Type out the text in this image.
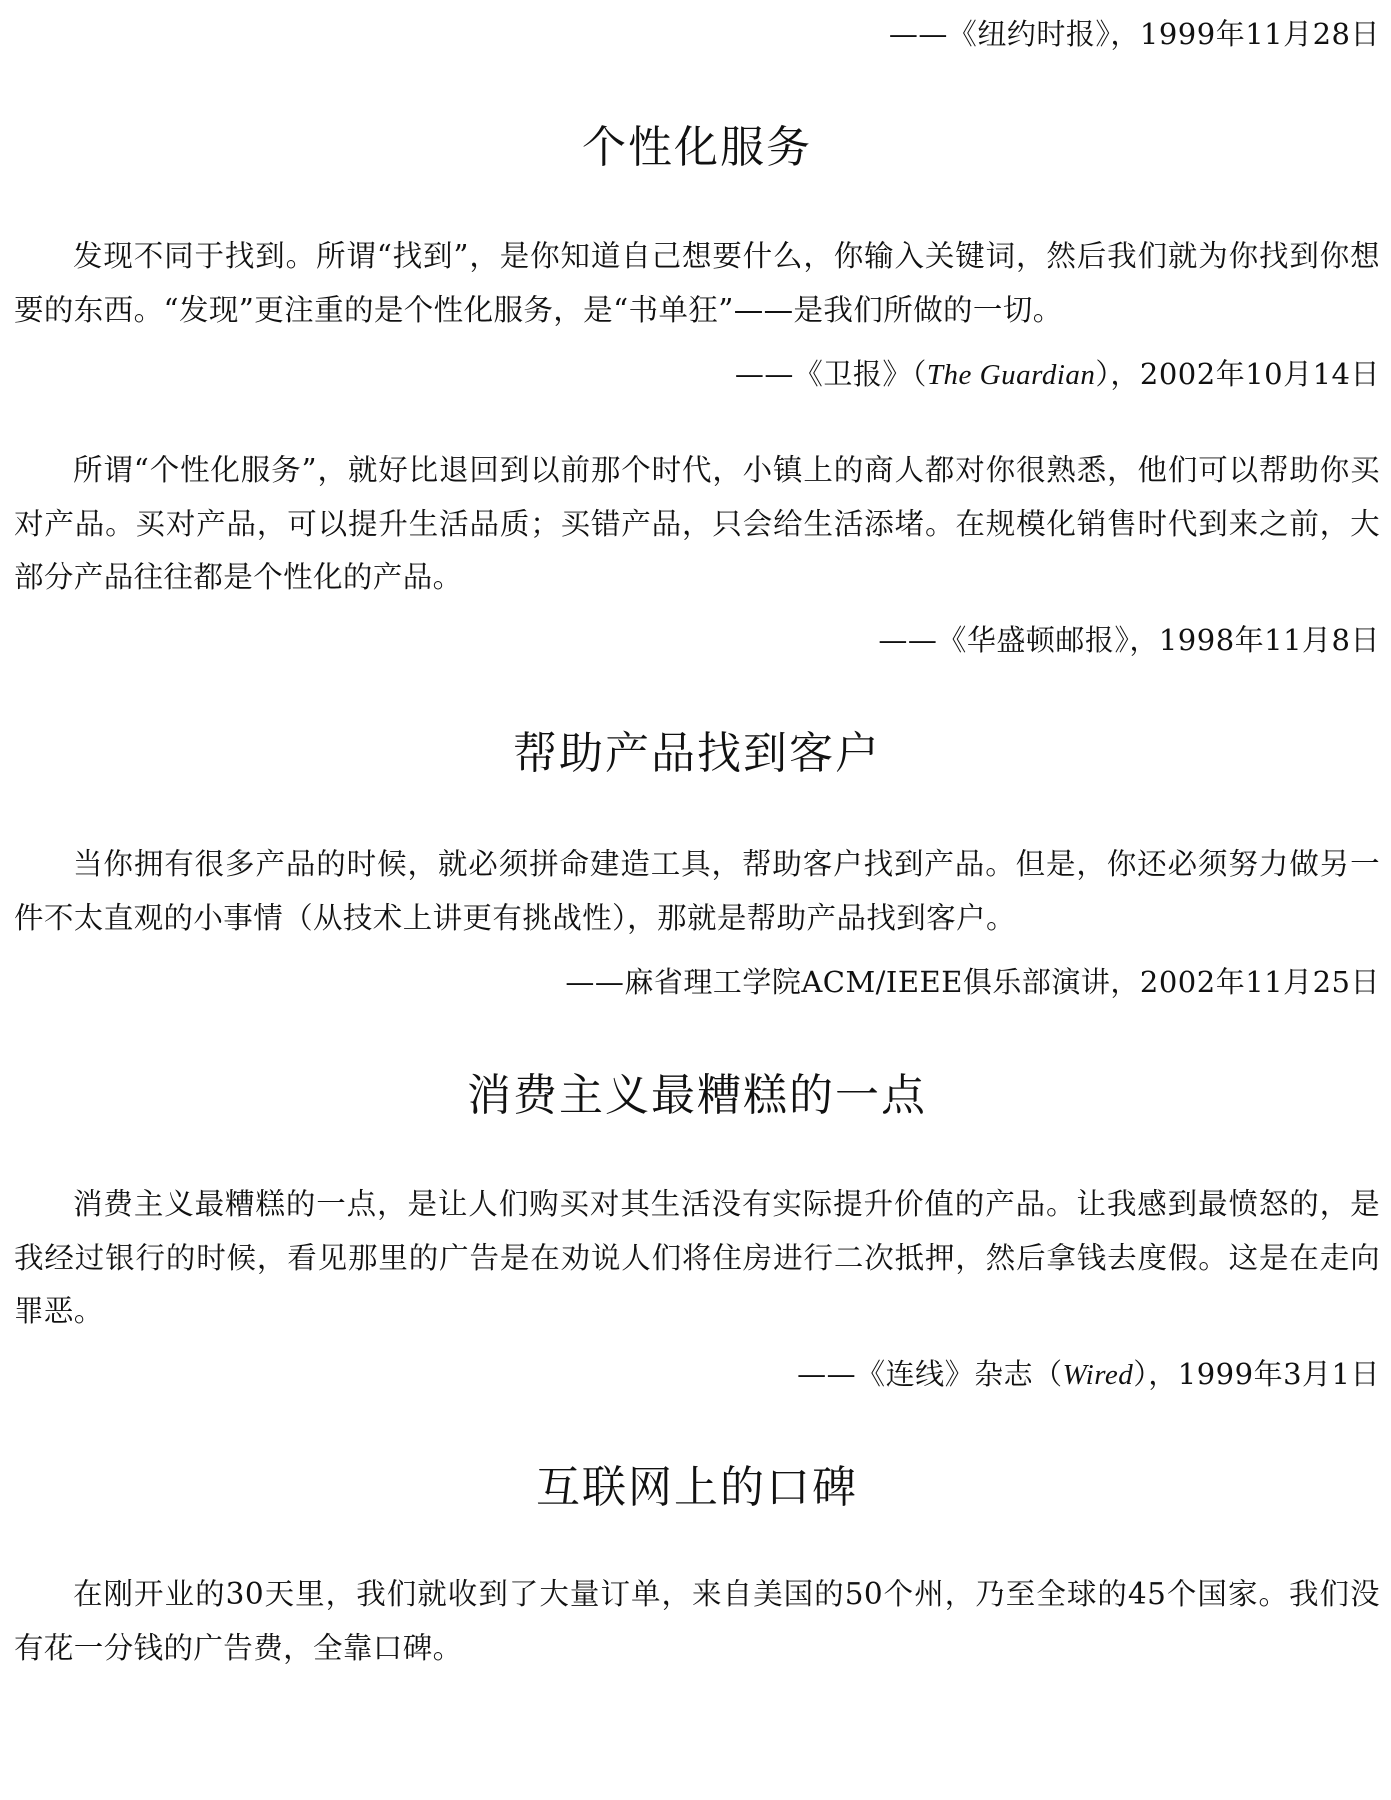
——《纽约时报》，1999年11月28日
个性化服务

发现不同于找到。所谓“找到”，是你知道自己想要什么，你输入关键词，然后我们就为你找到你想要的东西。“发现”更注重的是个性化服务，是“书单狂”——是我们所做的一切。

——《卫报》（The Guardian），2002年10月14日

所谓“个性化服务”，就好比退回到以前那个时代，小镇上的商人都对你很熟悉，他们可以帮助你买对产品。买对产品，可以提升生活品质；买错产品，只会给生活添堵。在规模化销售时代到来之前，大部分产品往往都是个性化的产品。

——《华盛顿邮报》，1998年11月8日
帮助产品找到客户

当你拥有很多产品的时候，就必须拼命建造工具，帮助客户找到产品。但是，你还必须努力做另一件不太直观的小事情（从技术上讲更有挑战性），那就是帮助产品找到客户。

——麻省理工学院ACM/IEEE俱乐部演讲，2002年11月25日
消费主义最糟糕的一点

消费主义最糟糕的一点，是让人们购买对其生活没有实际提升价值的产品。让我感到最愤怒的，是我经过银行的时候，看见那里的广告是在劝说人们将住房进行二次抵押，然后拿钱去度假。这是在走向罪恶。

——《连线》杂志（Wired），1999年3月1日
互联网上的口碑

在刚开业的30天里，我们就收到了大量订单，来自美国的50个州，乃至全球的45个国家。我们没有花一分钱的广告费，全靠口碑。
